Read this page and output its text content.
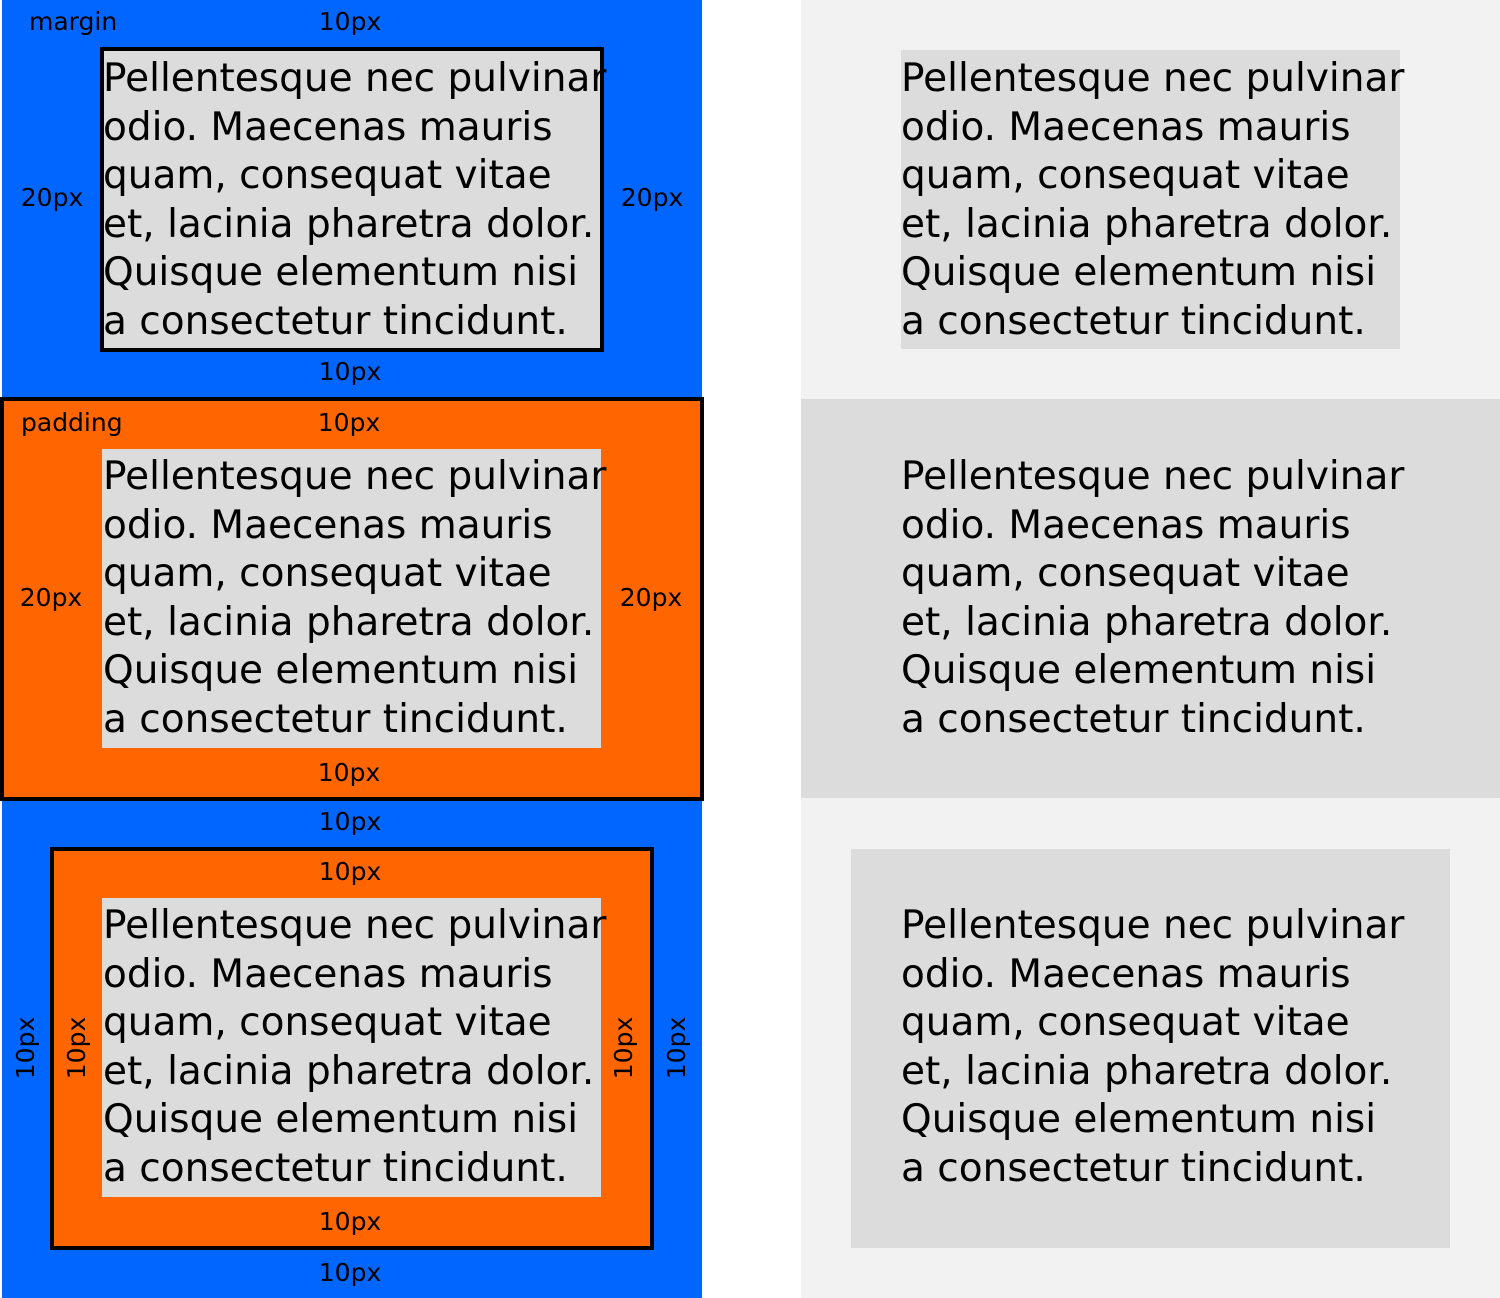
Pellentesque nec pulvinar
odio. Maecenas mauris
quam, consequat vitae
et, lacinia pharetra dolor.
Quisque elementum nisi
a consectetur tincidunt.
margin	10px
20px	20px
10px
Pellentesque nec pulvinar
odio. Maecenas mauris
quam, consequat vitae
et, lacinia pharetra dolor.
Quisque elementum nisi
a consectetur tincidunt.
padding	10px
20px	20px
10px
Pellentesque nec pulvinar
odio. Maecenas mauris
quam, consequat vitae
et, lacinia pharetra dolor.
Quisque elementum nisi
a consectetur tincidunt.
10px
10px
10px
10px
10px 10px	10px 10px
Pellentesque nec pulvinar
odio. Maecenas mauris
quam, consequat vitae
et, lacinia pharetra dolor.
Quisque elementum nisi
a consectetur tincidunt.
Pellentesque nec pulvinar
odio. Maecenas mauris
quam, consequat vitae
et, lacinia pharetra dolor.
Quisque elementum nisi
a consectetur tincidunt.
Pellentesque nec pulvinar
odio. Maecenas mauris
quam, consequat vitae
et, lacinia pharetra dolor.
Quisque elementum nisi
a consectetur tincidunt.
